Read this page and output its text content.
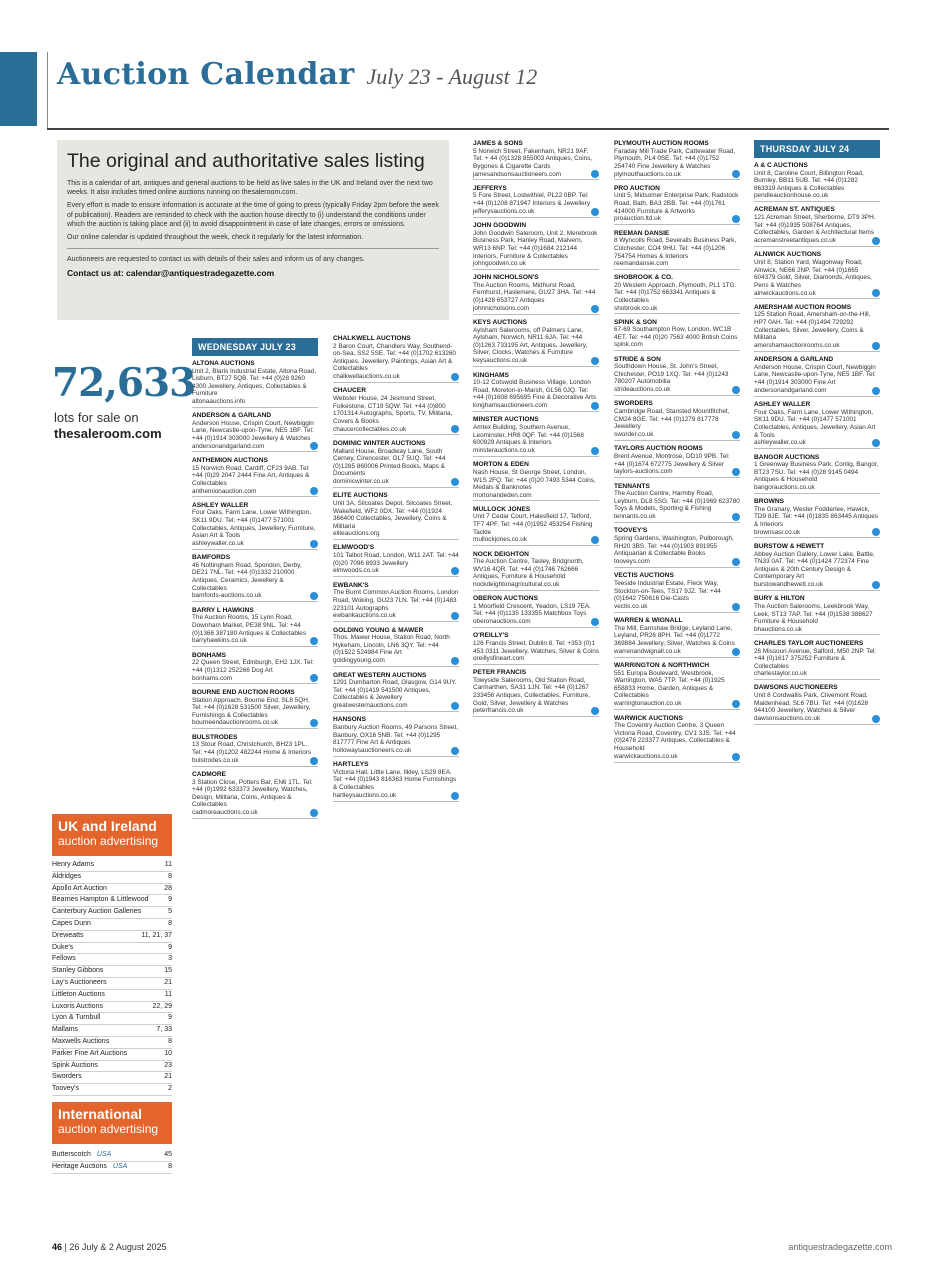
Auction Calendar July 23 - August 12
The original and authoritative sales listing

This is a calendar of art, antiques and general auctions to be held as live sales in the UK and Ireland over the next two weeks. It also includes timed online auctions running on thesaleroom.com.

Every effort is made to ensure information is accurate at the time of going to press (typically Friday 2pm before the week of publication). Readers are reminded to check with the auction house directly to (i) understand the conditions under which the auction is taking place and (ii) to avoid disappointment in case of late changes, errors or omissions.

Our online calendar is updated throughout the week, check it regularly for the latest information.

Auctioneers are requested to contact us with details of their sales and inform us of any changes.

Contact us at: calendar@antiquestradegazette.com
72,633
lots for sale on
thesaleroom.com
UK and Ireland
auction advertising
Henry Adams	11
Aldridges	8
Apollo Art Auction	28
Bearnes Hampton & Littlewood	9
Canterbury Auction Galleries	5
Capes Dunn	8
Dreweatts	11, 21, 37
Duke's	9
Fellows	3
Stanley Gibbons	15
Lay's Auctioneers	21
Littleton Auctions	11
Luxoris Auctions	22, 29
Lyon & Turnbull	9
Mallams	7, 33
Maxwells Auctions	8
Parker Fine Art Auctions	10
Spink Auctions	23
Sworders	21
Toovey's	2
International
auction advertising
Butterscotch USA	45
Heritage Auctions USA	8
WEDNESDAY JULY 23
ALTONA AUCTIONS
Unit 2, Blaris Industrial Estate, Altona Road, Lisburn, BT27 5QB. Tel: +44 (0)28 9260 4300 Jewellery, Antiques, Collectables & Furniture
altonaauctions.info
ANDERSON & GARLAND
Anderson House, Crispin Court, Newbiggin Lane, Newcastle-upon-Tyne, NE5 1BF. Tel: +44 (0)1914 303000 Jewellery & Watches
andersonandgarland.com
ANTHEMION AUCTIONS
15 Norwich Road, Cardiff, CF23 9AB. Tel: +44 (0)29 2047 2444 Fine Art, Antiques & Collectables
anthemionauction.com
ASHLEY WALLER
Four Oaks, Farm Lane, Lower Withington, SK11 9DU. Tel: +44 (0)1477 571001 Collectables, Antiques, Jewellery, Furniture, Asian Art & Tools
ashleywaller.co.uk
BAMFORDS
46 Nottingham Road, Spondon, Derby, DE21 7NL. Tel: +44 (0)1332 210000 Antiques, Ceramics, Jewellery & Collectables
bamfords-auctions.co.uk
BARRY L HAWKINS
The Auction Rooms, 15 Lynn Road, Downham Market, PE38 9NL. Tel: +44 (0)1366 387180 Antiques & Collectables
barryhawkins.co.uk
BONHAMS
22 Queen Street, Edinburgh, EH2 1JX. Tel: +44 (0)1312 252266 Dog Art
bonhams.com
BOURNE END AUCTION ROOMS
Station Approach, Bourne End, SL8 5QH. Tel: +44 (0)1628 531500 Silver, Jewellery, Furnishings & Collectables
bourneendauctionrooms.co.uk
BULSTRODES
13 Stour Road, Christchurch, BH23 1PL. Tel: +44 (0)1202 482244 Home & Interiors
bulstrodes.co.uk
CADMORE
3 Station Close, Potters Bar, EN6 1TL. Tel: +44 (0)1992 633373 Jewellery, Watches, Design, Militaria, Coins, Antiques & Collectables
cadmoreauctions.co.uk
CHALKWELL AUCTIONS
2 Baron Court, Chandlers Way, Southend-on-Sea, SS2 5SE. Tel: +44 (0)1702 613260 Antiques, Jewellery, Paintings, Asian Art & Collectables
chalkwellauctions.co.uk
CHAUCER
Webster House, 24 Jesmond Street, Folkestone, CT19 5QW. Tel: +44 (0)800 1701314 Autographs, Sports, TV, Militaria, Covers & Books
chaucercollectables.co.uk
DOMINIC WINTER AUCTIONS
Mallard House, Broadway Lane, South Cerney, Cirencester, GL7 5UQ. Tel: +44 (0)1285 860006 Printed Books, Maps & Documents
dominicwinter.co.uk
ELITE AUCTIONS
Unit 3A, Silcoates Depot, Silcoates Street, Wakefield, WF2 0DX. Tel: +44 (0)1924 366400 Collectables, Jewellery, Coins & Militaria
eliteauctions.org
ELMWOOD'S
101 Talbot Road, London, W11 2AT. Tel: +44 (0)20 7096 8933 Jewellery
elmwoods.co.uk
EWBANK'S
The Burnt Common Auction Rooms, London Road, Woking, GU23 7LN. Tel: +44 (0)1483 223101 Autographs
ewbankauctions.co.uk
GOLDING YOUNG & MAWER
Thos. Mawer House, Station Road, North Hykeham, Lincoln, LN6 3QY. Tel: +44 (0)1522 524984 Fine Art
goldingyoung.com
GREAT WESTERN AUCTIONS
1291 Dumbarton Road, Glasgow, G14 9UY. Tel: +44 (0)1419 541500 Antiques, Collectables & Jewellery
greatwesternauctions.com
HANSONS
Banbury Auction Rooms, 49 Parsons Street, Banbury, OX16 5NB. Tel: +44 (0)1295 817777 Fine Art & Antiques
hollowaysauctioneers.co.uk
HARTLEYS
Victoria Hall, Little Lane, Ilkley, LS29 8EA. Tel: +44 (0)1943 816363 Home Furnishings & Collectables
hartleysauctions.co.uk
JAMES & SONS
5 Norwich Street, Fakenham, NR21 9AF. Tel: + 44 (0)1328 855003 Antiques, Coins, Bygones & Cigarette Cards
jamesandsonsauctioneers.com
JEFFERYS
5 Fore Street, Lostwithiel, PL22 0BP. Tel: +44 (0)1208 871947 Interiors & Jewellery
jefferysauctions.co.uk
JOHN GOODWIN
John Goodwin Saleroom, Unit 2, Merebrook Business Park, Hanley Road, Malvern, WR13 6NP. Tel: +44 (0)1684 212144 Interiors, Furniture & Collectables
johngoodwin.co.uk
JOHN NICHOLSON'S
The Auction Rooms, Midhurst Road, Fernhurst, Haslemere, GU27 3HA. Tel: +44 (0)1428 653727 Antiques
johnnicholsons.com
KEYS AUCTIONS
Aylsham Salerooms, off Palmers Lane, Aylsham, Norwich, NR11 6JA. Tel: +44 (0)1263 733195 Art, Antiques, Jewellery, Silver, Clocks, Watches & Furniture
keysauctions.co.uk
KINGHAMS
10-12 Cotswold Business Village, London Road, Moreton-in-Marsh, GL56 0JQ. Tel: +44 (0)1608 695695 Fine & Decorative Arts
kinghamsauctioneers.com
MINSTER AUCTIONS
Amtex Building, Southern Avenue, Leominster, HR6 0QF. Tel: +44 (0)1568 600929 Antiques & Interiors
minsterauctions.co.uk
MORTON & EDEN
Nash House, St George Street, London, W1S 2FQ. Tel: +44 (0)20 7493 5344 Coins, Medals & Banknotes
mortonandeden.com
MULLOCK JONES
Unit 7 Cedar Court, Halesfield 17, Telford, TF7 4PF. Tel: +44 (0)1952 453254 Fishing Tackle
mullockjones.co.uk
NOCK DEIGHTON
The Auction Centre, Tasley, Bridgnorth, WV16 4QR. Tel: +44 (0)1746 762666 Antiques, Furniture & Household
nockdeightonagricultural.co.uk
OBERON AUCTIONS
1 Moorfield Crescent, Yeadon, LS19 7EA. Tel: +44 (0)1135 133355 Matchbox Toys
oberonauctions.com
O'REILLY'S
126 Francis Street, Dublin 8. Tel: +353 (0)1 453 0311 Jewellery, Watches, Silver & Coins
oreillysfineart.com
PETER FRANCIS
Towyside Salerooms, Old Station Road, Carmarthen, SA31 1JN. Tel: +44 (0)1267 233456 Antiques, Collectables, Furniture, Gold, Silver, Jewellery & Watches
peterfrancis.co.uk
PLYMOUTH AUCTION ROOMS
Faraday Mill Trade Park, Cattewater Road, Plymouth, PL4 0SE. Tel: +44 (0)1752 254740 Fine Jewellery & Watches
plymouthauctions.co.uk
PRO AUCTION
Unit 5, Midsomer Enterprise Park, Radstock Road, Bath, BA3 2BB. Tel: +44 (0)1761 414000 Furniture & Artworks
proauction.ltd.uk
REEMAN DANSIE
8 Wyncolls Road, Severalls Business Park, Colchester, CO4 9HU. Tel: +44 (0)1206 754754 Homes & Interiors
reemandansie.com
SHOBROOK & CO.
20 Western Approach, Plymouth, PL1 1TG. Tel: +44 (0)1752 663341 Antiques & Collectables
shobrook.co.uk
SPINK & SON
67-69 Southampton Row, London, WC1B 4ET. Tel: +44 (0)20 7563 4000 British Coins
spink.com
STRIDE & SON
Southdown House, St. John's Street, Chichester, PO19 1XQ. Tel: +44 (0)1243 780207 Automobilia
strideauctions.co.uk
SWORDERS
Cambridge Road, Stansted Mountfitchet, CM24 8GE. Tel: +44 (0)1279 817778 Jewellery
sworder.co.uk
TAYLORS AUCTION ROOMS
Brent Avenue, Montrose, DD10 9PB. Tel: +44 (0)1674 672775 Jewellery & Silver
taylors-auctions.com
TENNANTS
The Auction Centre, Harmby Road, Leyburn, DL8 5SG. Tel: +44 (0)1969 623780 Toys & Models, Sporting & Fishing
tennants.co.uk
TOOVEY'S
Spring Gardens, Washington, Pulborough, RH20 3BS. Tel: +44 (0)1903 891955 Antiquarian & Collectable Books
tooveys.com
VECTIS AUCTIONS
Teeside Industrial Estate, Fleck Way, Stockton-on-Tees, TS17 9JZ. Tel: +44 (0)1642 750616 Die-Casts
vectis.co.uk
WARREN & WIGNALL
The Mill, Earnshaw Bridge, Leyland Lane, Leyland, PR26 8PH. Tel: +44 (0)1772 369884 Jewellery, Silver, Watches & Coins
warrenandwignall.co.uk
WARRINGTON & NORTHWICH
551 Europa Boulevard, Westbrook, Warrington, WA5 7TP. Tel: +44 (0)1925 658833 Home, Garden, Antiques & Collectables
warringtonauction.co.uk
WARWICK AUCTIONS
The Coventry Auction Centre, 3 Queen Victoria Road, Coventry, CV1 3JS. Tel: +44 (0)2476 223377 Antiques, Collectables & Household
warwickauctions.co.uk
THURSDAY JULY 24
A & C AUCTIONS
Unit 8, Caroline Court, Billington Road, Burnley, BB11 5UB. Tel: +44 (0)1282 863319 Antiques & Collectables
pendleauctionhouse.co.uk
ACREMAN ST. ANTIQUES
121 Acreman Street, Sherborne, DT9 3PH. Tel: +44 (0)1935 508764 Antiques, Collectables, Garden & Architectural Items
acremanstreetantiques.co.uk
ALNWICK AUCTIONS
Unit 8, Station Yard, Wagonway Road, Alnwick, NE66 2NP. Tel: +44 (0)1665 604379 Gold, Silver, Diamonds, Antiques, Pens & Watches
alnwickauctions.co.uk
AMERSHAM AUCTION ROOMS
125 Station Road, Amersham-on-the-Hill, HP7 0AH. Tel: +44 (0)1494 729292 Collectables, Silver, Jewellery, Coins & Militaria
amershamauctionrooms.co.uk
ANDERSON & GARLAND
Anderson House, Crispin Court, Newbiggin Lane, Newcastle-upon-Tyne, NE5 1BF. Tel: +44 (0)1914 303000 Fine Art
andersonandgarland.com
ASHLEY WALLER
Four Oaks, Farm Lane, Lower Withington, SK11 9DU. Tel: +44 (0)1477 571001 Collectables, Antiques, Jewellery, Asian Art & Tools
ashleywaller.co.uk
BANGOR AUCTIONS
1 Greenway Business Park, Conlig, Bangor, BT23 7SU. Tel: +44 (0)28 9145 0494 Antiques & Household
bangorauctions.co.uk
BROWNS
The Granary, Wester Fodderlee, Hawick, TD9 8JE. Tel: +44 (0)1835 863445 Antiques & Interiors
brownsasr.co.uk
BURSTOW & HEWETT
Abbey Auction Gallery, Lower Lake, Battle, TN33 0AT. Tel: +44 (0)1424 772374 Fine Antiques & 20th Century Design & Contemporary Art
burstowandhewett.co.uk
BURY & HILTON
The Auction Salerooms, Leekbrook Way, Leek, ST13 7AP. Tel: +44 (0)1538 388627 Furniture & Household
bhauctions.co.uk
CHARLES TAYLOR AUCTIONEERS
26 Missouri Avenue, Salford, M50 2NP. Tel: +44 (0)1617 375252 Furniture & Collectables
charlestaylor.co.uk
DAWSONS AUCTIONEERS
Unit 8 Cordwallis Park, Clivemont Road, Maidenhead, SL6 7BU. Tel: +44 (0)1628 944100 Jewellery, Watches & Silver
dawsonsauctions.co.uk
46 | 26 July & 2 August 2025	antiquestradegazette.com
